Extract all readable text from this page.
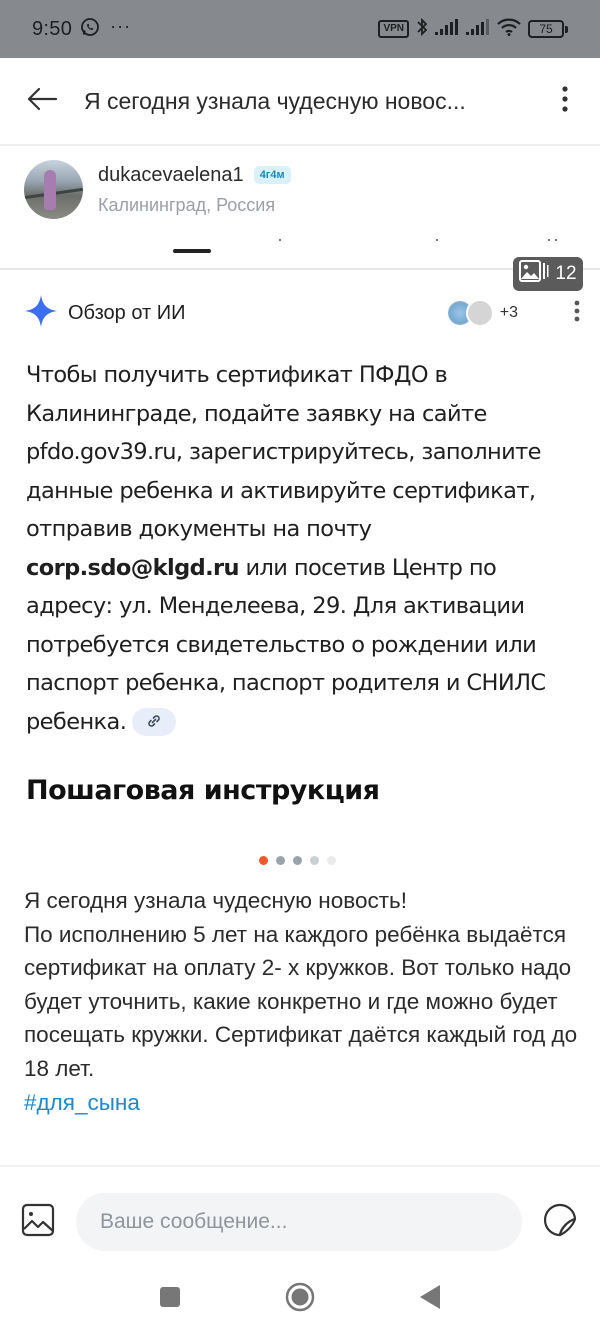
9:50 ···	VPN	75
Я сегодня узнала чудесную новос...
dukacevaelena1	4г4м
Калининград, Россия
12
Обзор от ИИ	+3
Чтобы получить сертификат ПФДО в Калининграде, подайте заявку на сайте pfdo.gov39.ru, зарегистрируйтесь, заполните данные ребенка и активируйте сертификат, отправив документы на почту corp.sdo@klgd.ru или посетив Центр по адресу: ул. Менделеева, 29. Для активации потребуется свидетельство о рождении или паспорт ребенка, паспорт родителя и СНИЛС ребенка.
Пошаговая инструкция

Я сегодня узнала чудесную новость!

По исполнению 5 лет на каждого ребёнка выдаётся сертификат на оплату 2- х кружков. Вот только надо будет уточнить, какие конкретно и где можно будет посещать кружки. Сертификат даётся каждый год до 18 лет.

#для_сына

Ваше сообщение...
